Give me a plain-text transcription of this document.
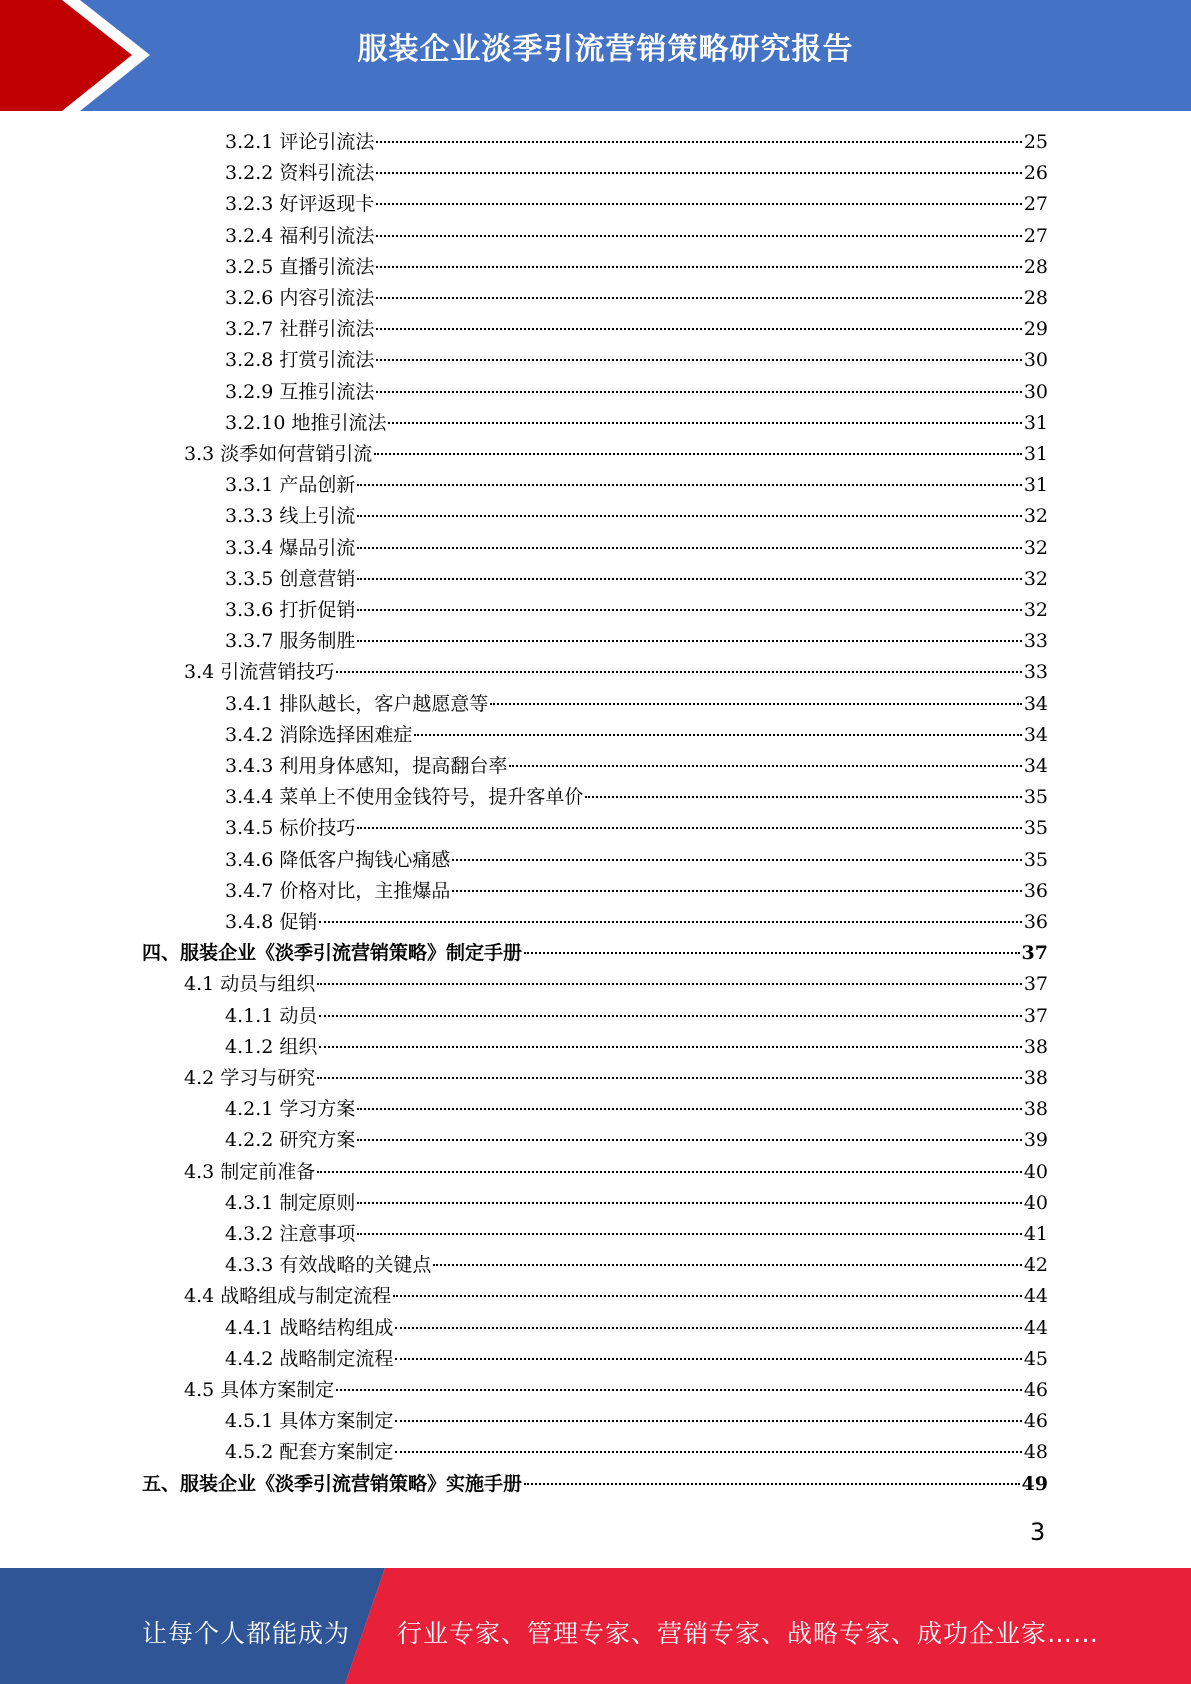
服装企业淡季引流营销策略研究报告
3.2.1 评论引流法	25
3.2.2 资料引流法	26
3.2.3 好评返现卡	27
3.2.4 福利引流法	27
3.2.5 直播引流法	28
3.2.6 内容引流法	28
3.2.7 社群引流法	29
3.2.8 打赏引流法	30
3.2.9 互推引流法	30
3.2.10 地推引流法	31
3.3 淡季如何营销引流	31
3.3.1 产品创新	31
3.3.3 线上引流	32
3.3.4 爆品引流	32
3.3.5 创意营销	32
3.3.6 打折促销	32
3.3.7 服务制胜	33
3.4 引流营销技巧	33
3.4.1 排队越长，客户越愿意等	34
3.4.2 消除选择困难症	34
3.4.3 利用身体感知，提高翻台率	34
3.4.4 菜单上不使用金钱符号，提升客单价	35
3.4.5 标价技巧	35
3.4.6 降低客户掏钱心痛感	35
3.4.7 价格对比，主推爆品	36
3.4.8 促销	36
四、服装企业《淡季引流营销策略》制定手册	37
4.1 动员与组织	37
4.1.1 动员	37
4.1.2 组织	38
4.2 学习与研究	38
4.2.1 学习方案	38
4.2.2 研究方案	39
4.3 制定前准备	40
4.3.1 制定原则	40
4.3.2 注意事项	41
4.3.3 有效战略的关键点	42
4.4 战略组成与制定流程	44
4.4.1 战略结构组成	44
4.4.2 战略制定流程	45
4.5 具体方案制定	46
4.5.1 具体方案制定	46
4.5.2 配套方案制定	48
五、服装企业《淡季引流营销策略》实施手册	49
3
让每个人都能成为 行业专家、管理专家、营销专家、战略专家、成功企业家……
